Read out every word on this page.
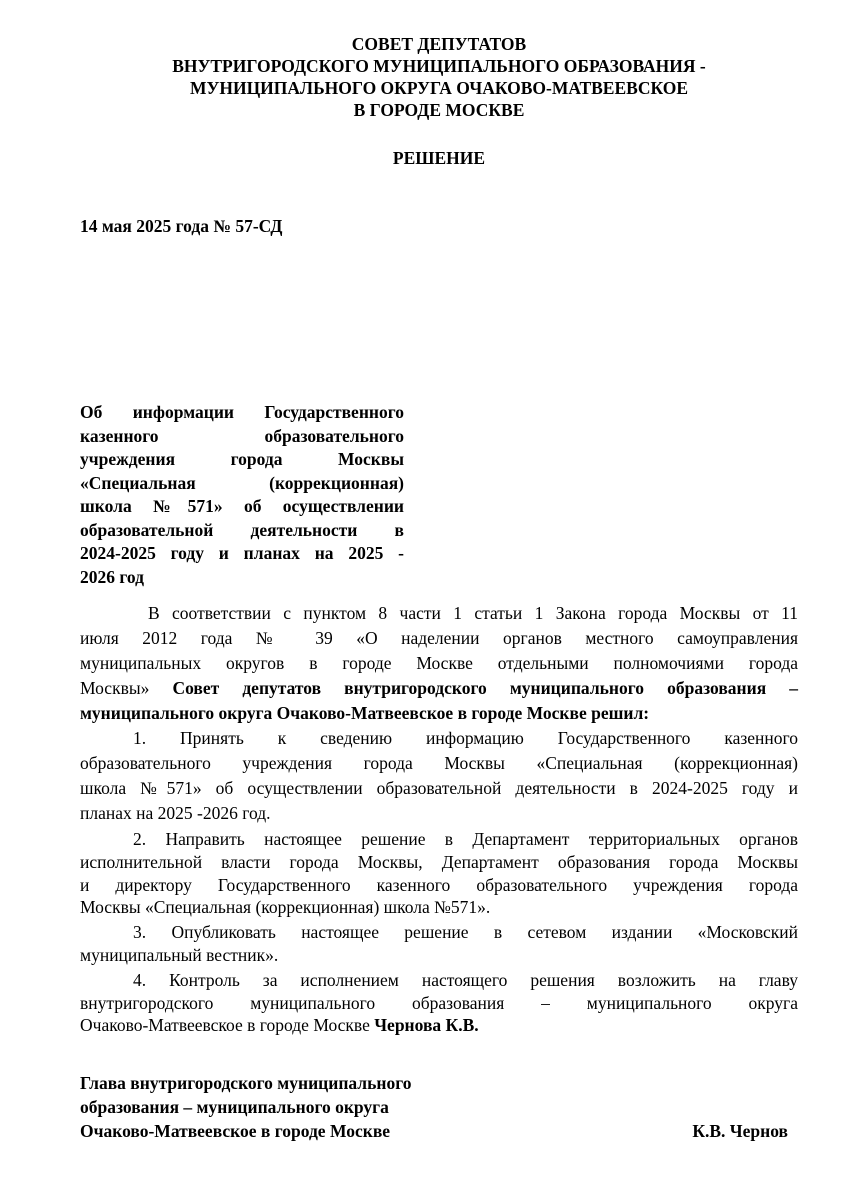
СОВЕТ ДЕПУТАТОВ
ВНУТРИГОРОДСКОГО МУНИЦИПАЛЬНОГО ОБРАЗОВАНИЯ -
МУНИЦИПАЛЬНОГО ОКРУГА ОЧАКОВО-МАТВЕЕВСКОЕ
В ГОРОДЕ МОСКВЕ
РЕШЕНИЕ
14 мая 2025 года № 57-СД
Об информации Государственного
казенного образовательного
учреждения города Москвы
«Специальная (коррекционная)
школа №571» об осуществлении
образовательной деятельности в
2024-2025 году и планах на 2025 -
2026 год
В соответствии с пунктом 8 части 1 статьи 1 Закона города Москвы от 11
июля 2012 года № 39 «О наделении органов местного самоуправления
муниципальных округов в городе Москве отдельными полномочиями города
Москвы» Совет депутатов внутригородского муниципального образования –
муниципального округа Очаково-Матвеевское в городе Москве решил:
1. Принять к сведению информацию Государственного казенного
образовательного учреждения города Москвы «Специальная (коррекционная)
школа №571» об осуществлении образовательной деятельности в 2024-2025 году и
планах на 2025 -2026 год.
2. Направить настоящее решение в Департамент территориальных органов
исполнительной власти города Москвы, Департамент образования города Москвы
и директору Государственного казенного образовательного учреждения города
Москвы «Специальная (коррекционная) школа №571».
3. Опубликовать настоящее решение в сетевом издании «Московский
муниципальный вестник».
4. Контроль за исполнением настоящего решения возложить на главу
внутригородского муниципального образования – муниципального округа
Очаково-Матвеевское в городе Москве Чернова К.В.
Глава внутригородского муниципального
образования – муниципального округа
Очаково-Матвеевское в городе Москве	К.В. Чернов
